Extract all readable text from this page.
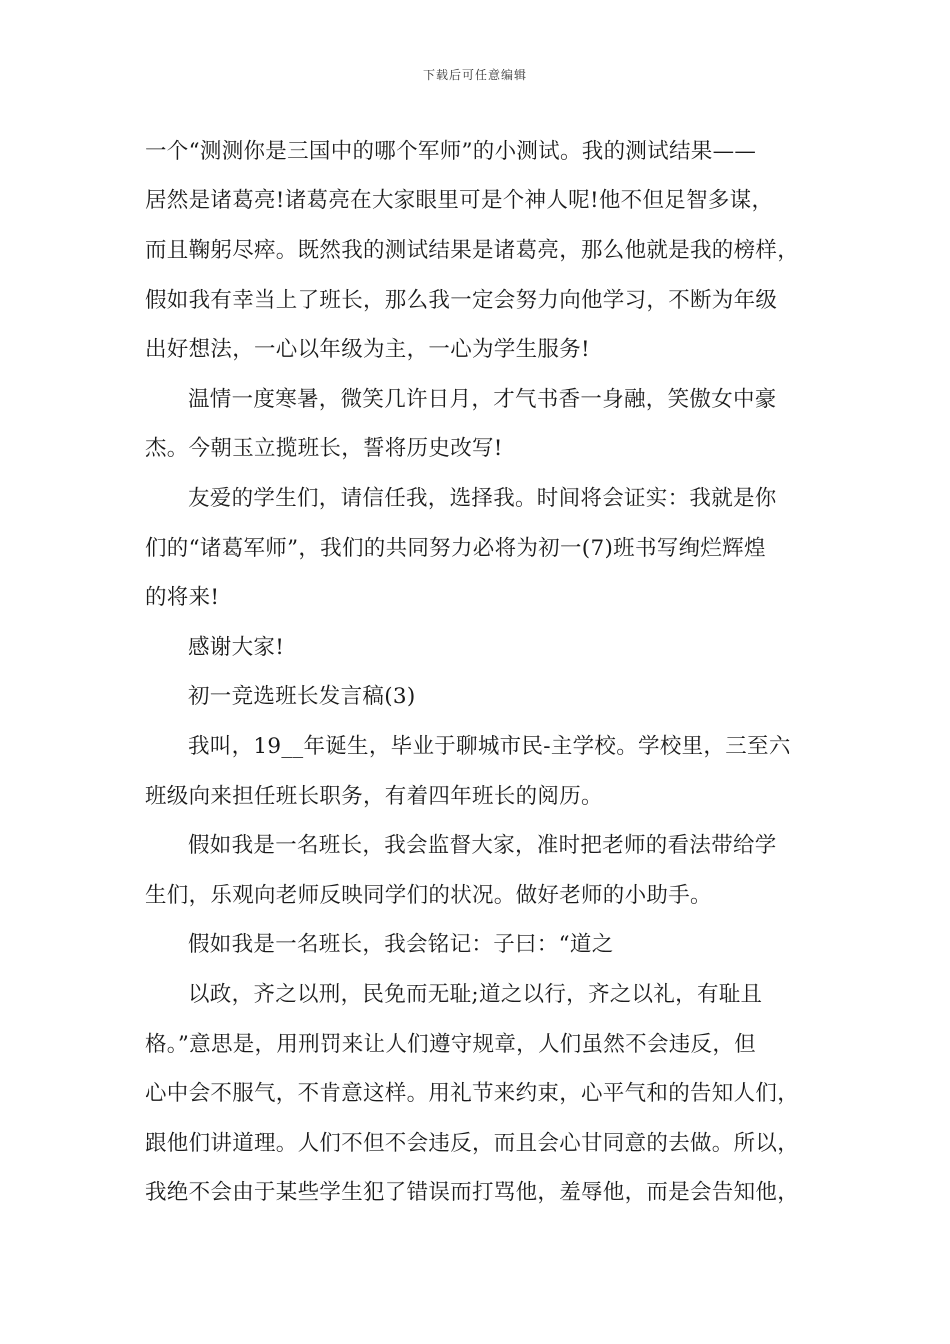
下载后可任意编辑
一个“测测你是三国中的哪个军师”的小测试。我的测试结果——
居然是诸葛亮!诸葛亮在大家眼里可是个神人呢!他不但足智多谋，
而且鞠躬尽瘁。既然我的测试结果是诸葛亮，那么他就是我的榜样，
假如我有幸当上了班长，那么我一定会努力向他学习，不断为年级
出好想法，一心以年级为主，一心为学生服务!
温情一度寒暑，微笑几许日月，才气书香一身融，笑傲女中豪
杰。今朝玉立揽班长，誓将历史改写!
友爱的学生们，请信任我，选择我。时间将会证实：我就是你
们的“诸葛军师”，我们的共同努力必将为初一(7)班书写绚烂辉煌
的将来!
感谢大家!
初一竞选班长发言稿(3)
我叫，19__年诞生，毕业于聊城市民-主学校。学校里，三至六
班级向来担任班长职务，有着四年班长的阅历。
假如我是一名班长，我会监督大家，准时把老师的看法带给学
生们，乐观向老师反映同学们的状况。做好老师的小助手。
假如我是一名班长，我会铭记：子曰：“道之
以政，齐之以刑，民免而无耻;道之以行，齐之以礼，有耻且
格。”意思是，用刑罚来让人们遵守规章，人们虽然不会违反，但
心中会不服气，不肯意这样。用礼节来约束，心平气和的告知人们，
跟他们讲道理。人们不但不会违反，而且会心甘同意的去做。所以，
我绝不会由于某些学生犯了错误而打骂他，羞辱他，而是会告知他，
